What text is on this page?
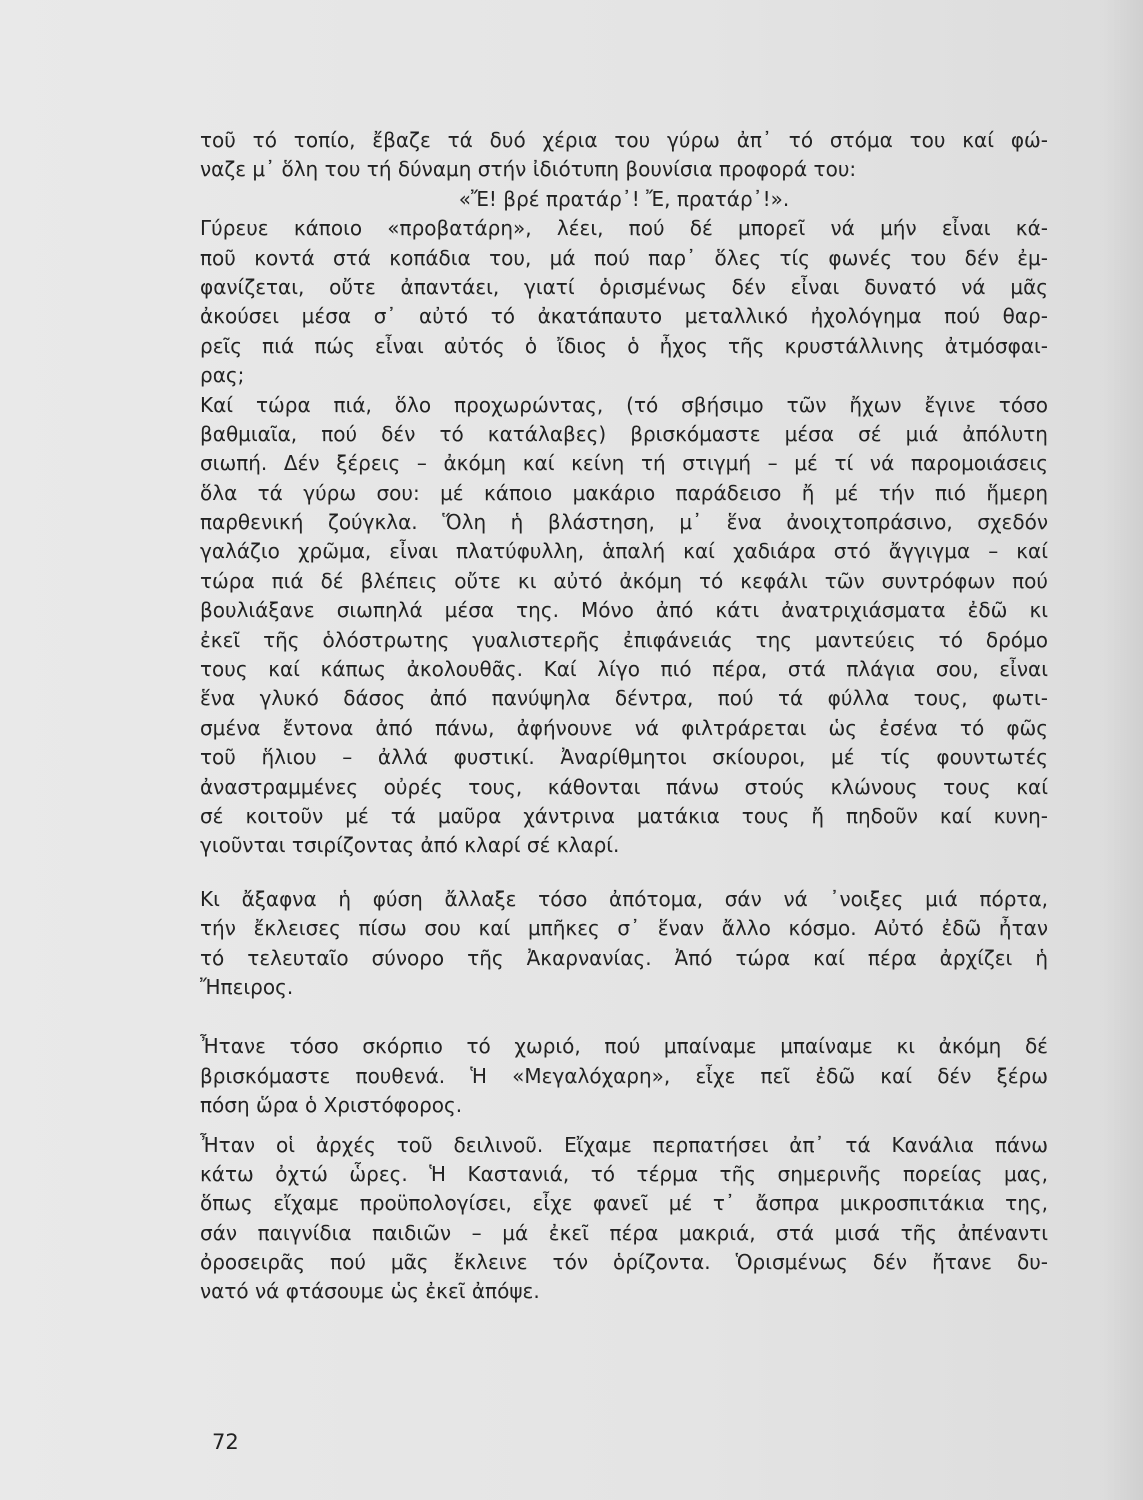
τοῦ τό τοπίο, ἔβαζε τά δυό χέρια του γύρω ἀπ᾿ τό στόμα του καί φώ-
ναζε μ᾿ ὅλη του τή δύναμη στήν ἰδιότυπη βουνίσια προφορά του:
«Ἔ! βρέ πρατάρ᾿! Ἔ, πρατάρ᾿!».
Γύρευε κάποιο «προβατάρη», λέει, πού δέ μπορεῖ νά μήν εἶναι κά-
ποῦ κοντά στά κοπάδια του, μά πού παρ᾿ ὅλες τίς φωνές του δέν ἐμ-
φανίζεται, οὔτε ἀπαντάει, γιατί ὁρισμένως δέν εἶναι δυνατό νά μᾶς
ἀκούσει μέσα σ᾿ αὐτό τό ἀκατάπαυτο μεταλλικό ἠχολόγημα πού θαρ-
ρεῖς πιά πώς εἶναι αὐτός ὁ ἴδιος ὁ ἦχος τῆς κρυστάλλινης ἀτμόσφαι-
ρας;
Καί τώρα πιά, ὅλο προχωρώντας, (τό σβήσιμο τῶν ἤχων ἔγινε τόσο
βαθμιαῖα, πού δέν τό κατάλαβες) βρισκόμαστε μέσα σέ μιά ἀπόλυτη
σιωπή. Δέν ξέρεις – ἀκόμη καί κείνη τή στιγμή – μέ τί νά παρομοιάσεις
ὅλα τά γύρω σου: μέ κάποιο μακάριο παράδεισο ἤ μέ τήν πιό ἥμερη
παρθενική ζούγκλα. Ὅλη ἡ βλάστηση, μ᾿ ἕνα ἀνοιχτοπράσινο, σχεδόν
γαλάζιο χρῶμα, εἶναι πλατύφυλλη, ἁπαλή καί χαδιάρα στό ἄγγιγμα – καί
τώρα πιά δέ βλέπεις οὔτε κι αὐτό ἀκόμη τό κεφάλι τῶν συντρόφων πού
βουλιάξανε σιωπηλά μέσα της. Μόνο ἀπό κάτι ἀνατριχιάσματα ἐδῶ κι
ἐκεῖ τῆς ὁλόστρωτης γυαλιστερῆς ἐπιφάνειάς της μαντεύεις τό δρόμο
τους καί κάπως ἀκολουθᾶς. Καί λίγο πιό πέρα, στά πλάγια σου, εἶναι
ἕνα γλυκό δάσος ἀπό πανύψηλα δέντρα, πού τά φύλλα τους, φωτι-
σμένα ἔντονα ἀπό πάνω, ἀφήνουνε νά φιλτράρεται ὡς ἐσένα τό φῶς
τοῦ ἥλιου – ἀλλά φυστικί. Ἀναρίθμητοι σκίουροι, μέ τίς φουντωτές
ἀναστραμμένες οὐρές τους, κάθονται πάνω στούς κλώνους τους καί
σέ κοιτοῦν μέ τά μαῦρα χάντρινα ματάκια τους ἤ πηδοῦν καί κυνη-
γιοῦνται τσιρίζοντας ἀπό κλαρί σέ κλαρί.
Κι ἄξαφνα ἡ φύση ἄλλαξε τόσο ἀπότομα, σάν νά ᾿νοιξες μιά πόρτα,
τήν ἔκλεισες πίσω σου καί μπῆκες σ᾿ ἕναν ἄλλο κόσμο. Αὐτό ἐδῶ ἦταν
τό τελευταῖο σύνορο τῆς Ἀκαρνανίας. Ἀπό τώρα καί πέρα ἀρχίζει ἡ
Ἤπειρος.
Ἦτανε τόσο σκόρπιο τό χωριό, πού μπαίναμε μπαίναμε κι ἀκόμη δέ
βρισκόμαστε πουθενά. Ἡ «Μεγαλόχαρη», εἶχε πεῖ ἐδῶ καί δέν ξέρω
πόση ὥρα ὁ Χριστόφορος.
Ἦταν οἱ ἀρχές τοῦ δειλινοῦ. Εἴχαμε περπατήσει ἀπ᾿ τά Κανάλια πάνω
κάτω ὀχτώ ὧρες. Ἡ Καστανιά, τό τέρμα τῆς σημερινῆς πορείας μας,
ὅπως εἴχαμε προϋπολογίσει, εἶχε φανεῖ μέ τ᾿ ἄσπρα μικροσπιτάκια της,
σάν παιγνίδια παιδιῶν – μά ἐκεῖ πέρα μακριά, στά μισά τῆς ἀπέναντι
ὀροσειρᾶς πού μᾶς ἔκλεινε τόν ὁρίζοντα. Ὁρισμένως δέν ἤτανε δυ-
νατό νά φτάσουμε ὡς ἐκεῖ ἀπόψε.
72
